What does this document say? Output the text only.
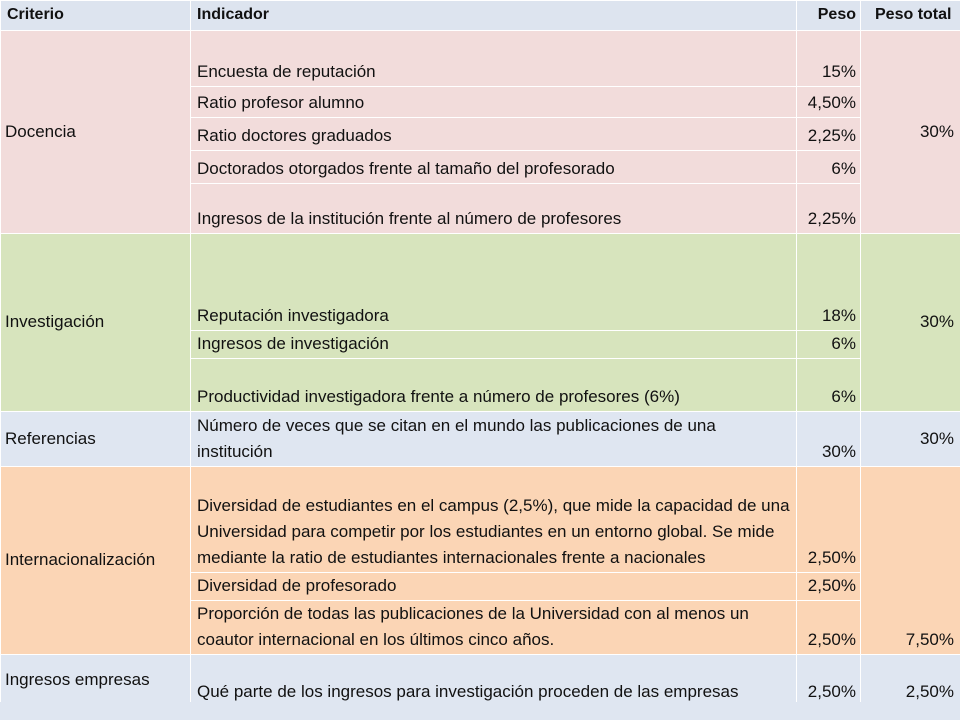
Criterio	Indicador	Peso	Peso total
Docencia	Encuesta de reputación	15%	30%
	Ratio profesor alumno	4,50%	
	Ratio doctores graduados	2,25%	
	Doctorados otorgados frente al tamaño del profesorado	6%	
	Ingresos de la institución frente al número de profesores	2,25%	
Investigación	Reputación investigadora	18%	30%
	Ingresos de investigación	6%	
	Productividad investigadora frente a número de profesores (6%)	6%	
Referencias	Número de veces que se citan en el mundo las publicaciones de una institución	30%	30%
Internacionalización	Diversidad de estudiantes en el campus (2,5%), que mide la capacidad de una Universidad para competir por los estudiantes en un entorno global. Se mide mediante la ratio de estudiantes internacionales frente a nacionales	2,50%	7,50%
	Diversidad de profesorado	2,50%	
	Proporción de todas las publicaciones de la Universidad con al menos un coautor internacional en los últimos cinco años.	2,50%	
Ingresos empresas	Qué parte de los ingresos para investigación proceden de las empresas	2,50%	2,50%
